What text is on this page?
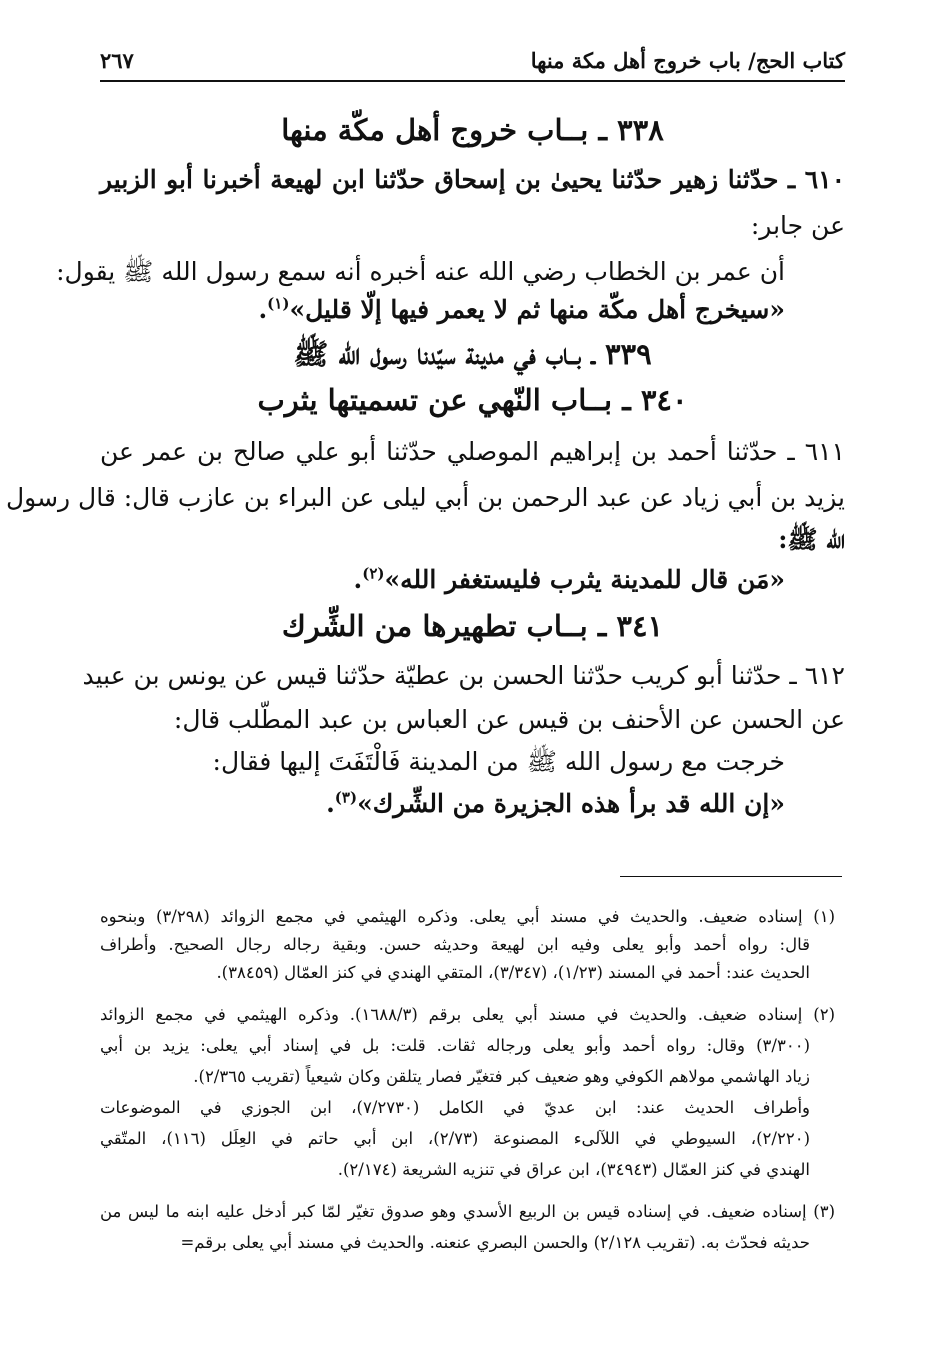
كتاب الحج/ باب خروج أهل مكة منها
٢٦٧
٣٣٨ ـ بــاب خروج أهل مكّة منها
٦١٠ ـ حدّثنا زهير حدّثنا يحيىٰ بن إسحاق حدّثنا ابن لهيعة أخبرنا أبو الزبير
عن جابر:
أن عمر بن الخطاب رضي الله عنه أخبره أنه سمع رسول الله ﷺ يقول:
«سيخرج أهل مكّة منها ثم لا يعمر فيها إلّا قليل»$^{(١)}$.
٣٣٩ ـ بــاب في مدينة سيّدنا رسول الله ﷺ
٣٤٠ ـ بــاب النّهي عن تسميتها يثرب
٦١١ ـ حدّثنا أحمد بن إبراهيم الموصلي حدّثنا أبو علي صالح بن عمر عن
يزيد بن أبي زياد عن عبد الرحمن بن أبي ليلى عن البراء بن عازب قال: قال رسول
الله ﷺ:
«مَن قال للمدينة يثرب فليستغفر الله»$^{(٢)}$.
٣٤١ ـ بــاب تطهيرها من الشِّرك
٦١٢ ـ حدّثنا أبو كريب حدّثنا الحسن بن عطيّة حدّثنا قيس عن يونس بن عبيد
عن الحسن عن الأحنف بن قيس عن العباس بن عبد المطّلب قال:
خرجت مع رسول الله ﷺ من المدينة فَالْتَفَتَ إليها فقال:
«إن الله قد برأ هذه الجزيرة من الشِّرك»$^{(٣)}$.
(١) إسناده ضعيف. والحديث في مسند أبي يعلى. وذكره الهيثمي في مجمع الزوائد (٣/٢٩٨) وبنحوه
قال: رواه أحمد وأبو يعلى وفيه ابن لهيعة وحديثه حسن. وبقية رجاله رجال الصحيح. وأطراف
الحديث عند: أحمد في المسند (١/٢٣)، (٣/٣٤٧)، المتقي الهندي في كنز العمّال (٣٨٤٥٩).
(٢) إسناده ضعيف. والحديث في مسند أبي يعلى برقم (١٦٨٨/٣). وذكره الهيثمي في مجمع الزوائد
(٣/٣٠٠) وقال: رواه أحمد وأبو يعلى ورجاله ثقات. قلت: بل في إسناد أبي يعلى: يزيد بن أبي
زياد الهاشمي مولاهم الكوفي وهو ضعيف كبر فتغيّر فصار يتلقن وكان شيعياً (تقريب ٢/٣٦٥).
وأطراف الحديث عند: ابن عديّ في الكامل (٧/٢٧٣٠)، ابن الجوزي في الموضوعات
(٢/٢٢٠)، السيوطي في اللآلىء المصنوعة (٢/٧٣)، ابن أبي حاتم في العِلَل (١١٦)، المتّقي
الهندي في كنز العمّال (٣٤٩٤٣)، ابن عراق في تنزيه الشريعة (٢/١٧٤).
(٣) إسناده ضعيف. في إسناده قيس بن الربيع الأسدي وهو صدوق تغيّر لمّا كبر أدخل عليه ابنه ما ليس من
حديثه فحدّث به. (تقريب ٢/١٢٨) والحسن البصري عنعنه. والحديث في مسند أبي يعلى برقم=
